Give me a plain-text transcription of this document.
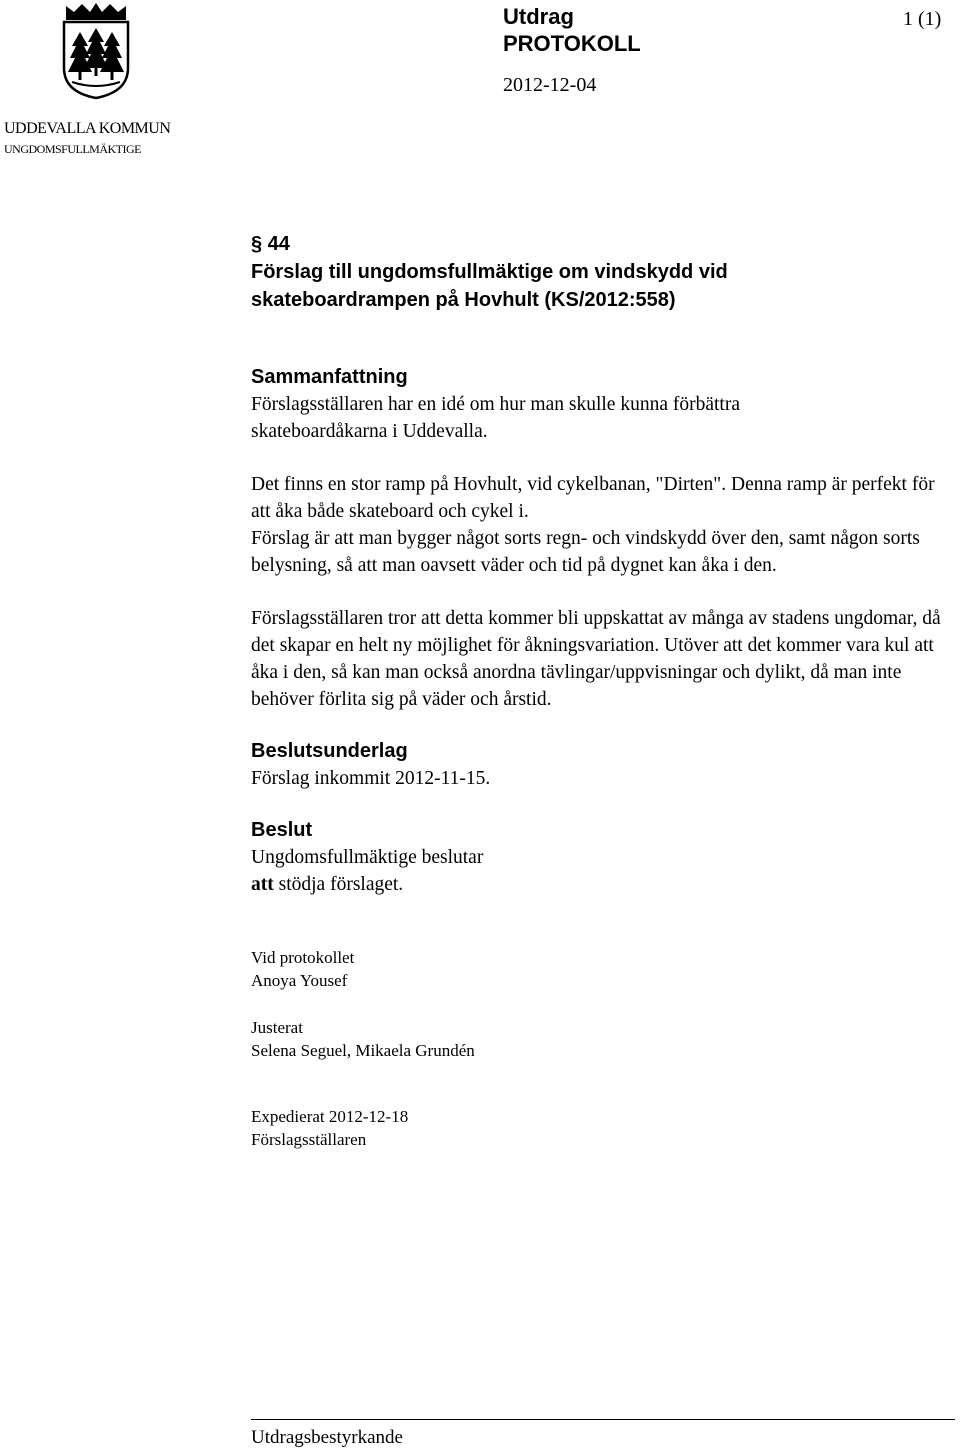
UDDEVALLA KOMMUN
UNGDOMSFULLMÄKTIGE
Utdrag
PROTOKOLL
2012-12-04
1 (1)

§ 44

Förslag till ungdomsfullmäktige om vindskydd vid

skateboardrampen på Hovhult (KS/2012:558)

Sammanfattning

Förslagsställaren har en idé om hur man skulle kunna förbättra skateboardåkarna i Uddevalla.

Det finns en stor ramp på Hovhult, vid cykelbanan, "Dirten". Denna ramp är perfekt för att åka både skateboard och cykel i.

Förslag är att man bygger något sorts regn- och vindskydd över den, samt någon sorts belysning, så att man oavsett väder och tid på dygnet kan åka i den.

Förslagsställaren tror att detta kommer bli uppskattat av många av stadens ungdomar, då det skapar en helt ny möjlighet för åkningsvariation. Utöver att det kommer vara kul att åka i den, så kan man också anordna tävlingar/uppvisningar och dylikt, då man inte behöver förlita sig på väder och årstid.

Beslutsunderlag

Förslag inkommit 2012-11-15.

Beslut

Ungdomsfullmäktige beslutar

att stödja förslaget.

Vid protokollet

Anoya Yousef

Justerat

Selena Seguel, Mikaela Grundén

Expedierat 2012-12-18

Förslagsställaren

Utdragsbestyrkande
